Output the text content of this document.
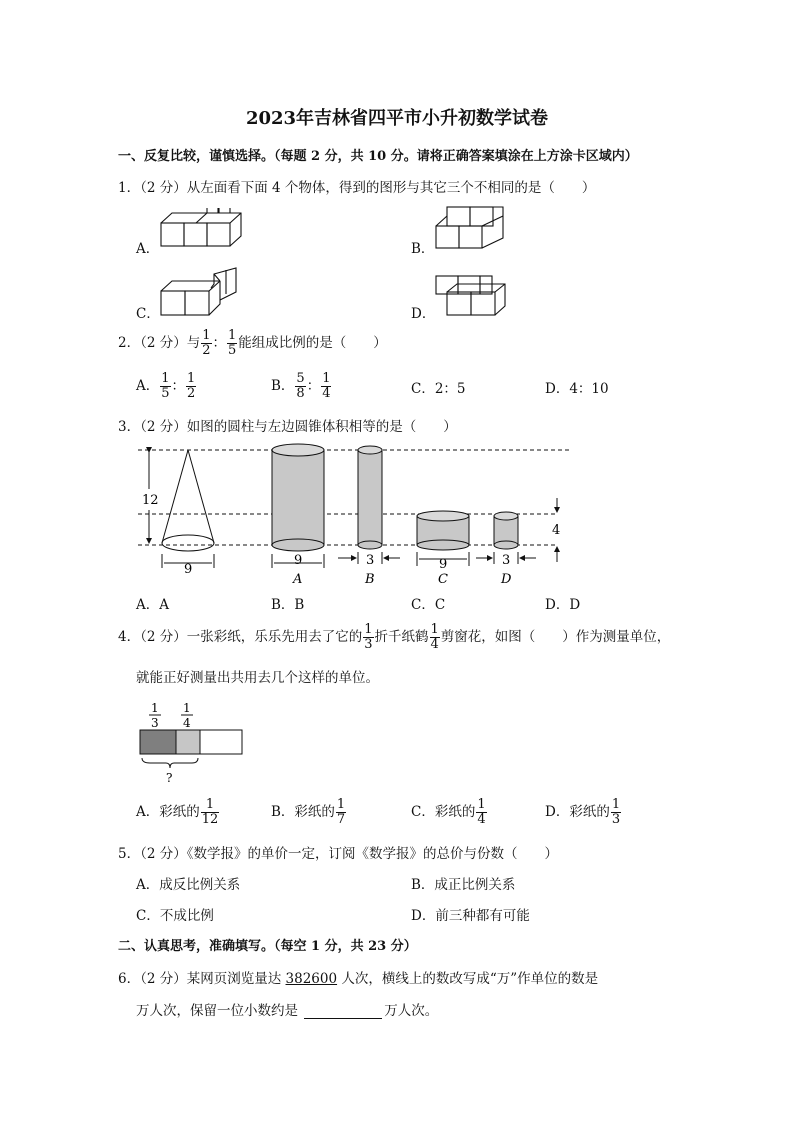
2023年吉林省四平市小升初数学试卷
一、反复比较，谨慎选择。（每题 2 分，共 10 分。请将正确答案填涂在上方涂卡区域内）
1．（2 分）从左面看下面 4 个物体，得到的图形与其它三个不相同的是（　　）
A．	B．
C．	D．
2．（2 分）与 $\frac{1}{2}$ ： $\frac{1}{5}$ 能组成比例的是（　　）
A． $\frac{1}{5}$ ： $\frac{1}{2}$	B． $\frac{5}{8}$ ： $\frac{1}{4}$	C．2：5	D．4：10
3．（2 分）如图的圆柱与左边圆锥体积相等的是（　　）
12
9
9
A
3
B
9
C
3
D
4
A．A	B．B	C．C	D．D
4．（2 分）一张彩纸，乐乐先用去了它的 $\frac{1}{3}$ 折千纸鹤 $\frac{1}{4}$ 剪窗花，如图（　　）作为测量单位，
就能正好测量出共用去几个这样的单位。
1
3
1
4
?
A．彩纸的 $\frac{1}{12}$	B．彩纸的 $\frac{1}{7}$	C．彩纸的 $\frac{1}{4}$	D．彩纸的 $\frac{1}{3}$
5．（2 分）《数学报》的单价一定，订阅《数学报》的总价与份数（　　）
A．成反比例关系	B．成正比例关系
C．不成比例	D．前三种都有可能
二、认真思考，准确填写。（每空 1 分，共 23 分）
6．（2 分）某网页浏览量达 382600 人次，横线上的数改写成“万”作单位的数是
万人次，保留一位小数约是	万人次。
